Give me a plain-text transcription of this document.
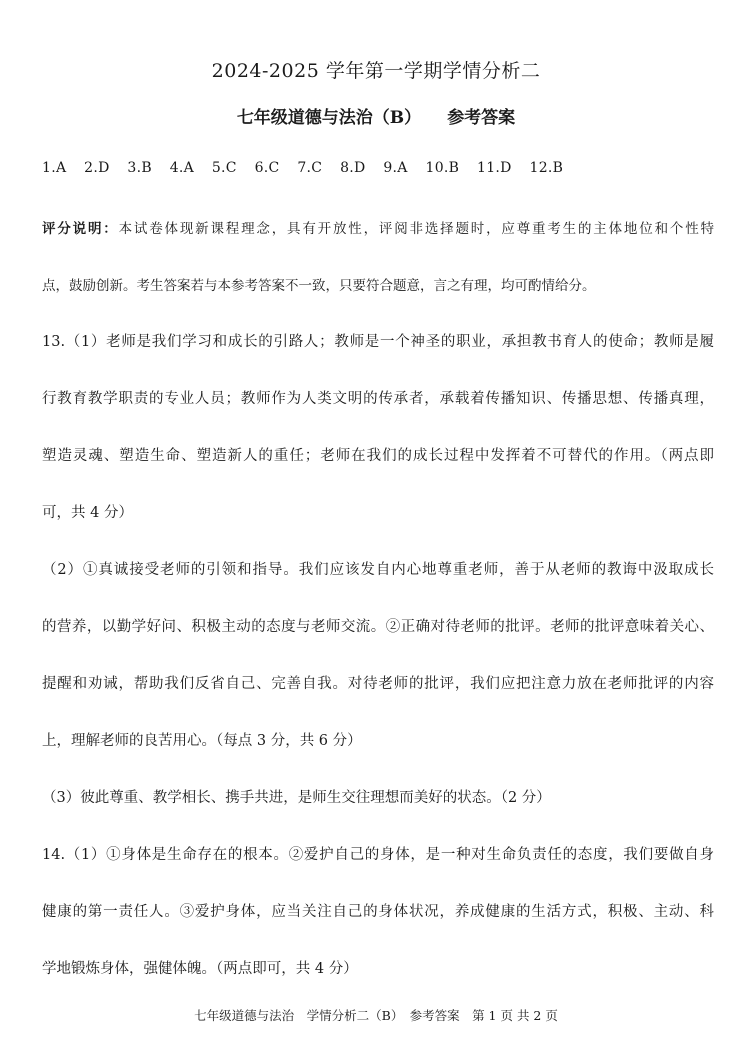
2024-2025 学年第一学期学情分析二
七年级道德与法治（B） 参考答案
1.A 2.D 3.B 4.A 5.C 6.C 7.C 8.D 9.A 10.B 11.D 12.B
评分说明：本试卷体现新课程理念，具有开放性，评阅非选择题时，应尊重考生的主体地位和个性特
点，鼓励创新。考生答案若与本参考答案不一致，只要符合题意，言之有理，均可酌情给分。
13.（1）老师是我们学习和成长的引路人；教师是一个神圣的职业，承担教书育人的使命；教师是履
行教育教学职责的专业人员；教师作为人类文明的传承者，承载着传播知识、传播思想、传播真理，
塑造灵魂、塑造生命、塑造新人的重任；老师在我们的成长过程中发挥着不可替代的作用。（两点即
可，共 4 分）
（2）①真诚接受老师的引领和指导。我们应该发自内心地尊重老师，善于从老师的教诲中汲取成长
的营养，以勤学好问、积极主动的态度与老师交流。②正确对待老师的批评。老师的批评意味着关心、
提醒和劝诫，帮助我们反省自己、完善自我。对待老师的批评，我们应把注意力放在老师批评的内容
上，理解老师的良苦用心。（每点 3 分，共 6 分）
（3）彼此尊重、教学相长、携手共进，是师生交往理想而美好的状态。（2 分）
14.（1）①身体是生命存在的根本。②爱护自己的身体，是一种对生命负责任的态度，我们要做自身
健康的第一责任人。③爱护身体，应当关注自己的身体状况，养成健康的生活方式，积极、主动、科
学地锻炼身体，强健体魄。（两点即可，共 4 分）
七年级道德与法治　学情分析二（B）　参考答案　第 1 页 共 2 页
